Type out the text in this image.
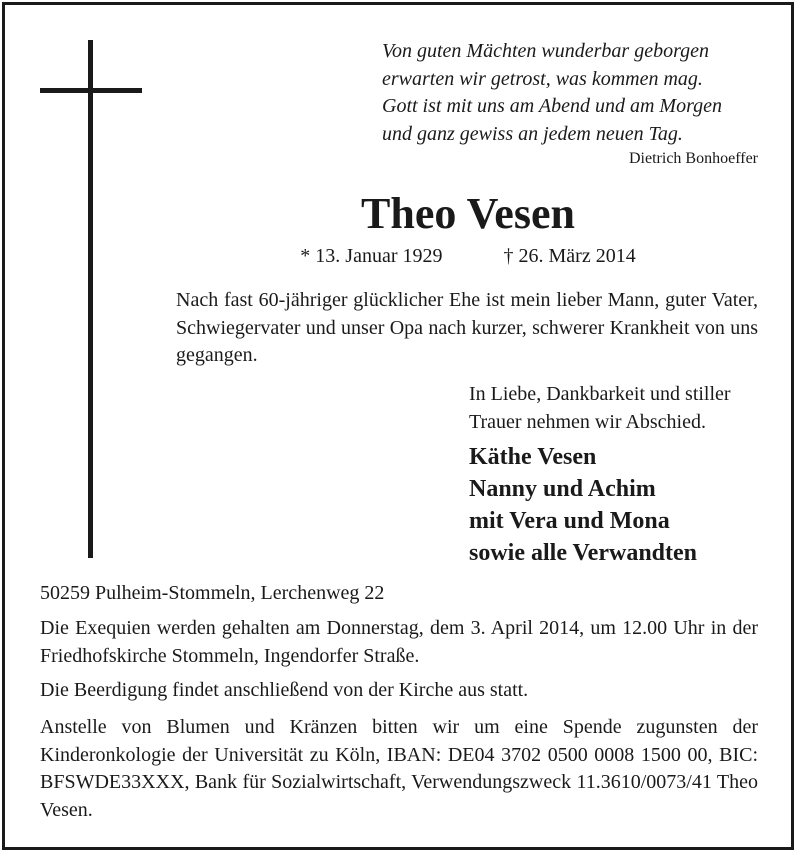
Von guten Mächten wunderbar geborgen
erwarten wir getrost, was kommen mag.
Gott ist mit uns am Abend und am Morgen
und ganz gewiss an jedem neuen Tag.
Dietrich Bonhoeffer
Theo Vesen
* 13. Januar 1929	† 26. März 2014
Nach fast 60-jähriger glücklicher Ehe ist mein lieber Mann, guter Vater, Schwiegervater und unser Opa nach kurzer, schwerer Krankheit von uns gegangen.
In Liebe, Dankbarkeit und stiller
Trauer nehmen wir Abschied.
Käthe Vesen
Nanny und Achim
mit Vera und Mona
sowie alle Verwandten
50259 Pulheim-Stommeln, Lerchenweg 22
Die Exequien werden gehalten am Donnerstag, dem 3. April 2014, um 12.00 Uhr in der Friedhofskirche Stommeln, Ingendorfer Straße.
Die Beerdigung findet anschließend von der Kirche aus statt.
Anstelle von Blumen und Kränzen bitten wir um eine Spende zugunsten der Kinderonkologie der Universität zu Köln, IBAN: DE04 3702 0500 0008 1500 00, BIC: BFSWDE33XXX, Bank für Sozialwirtschaft, Verwendungszweck 11.3610/0073/41 Theo Vesen.
